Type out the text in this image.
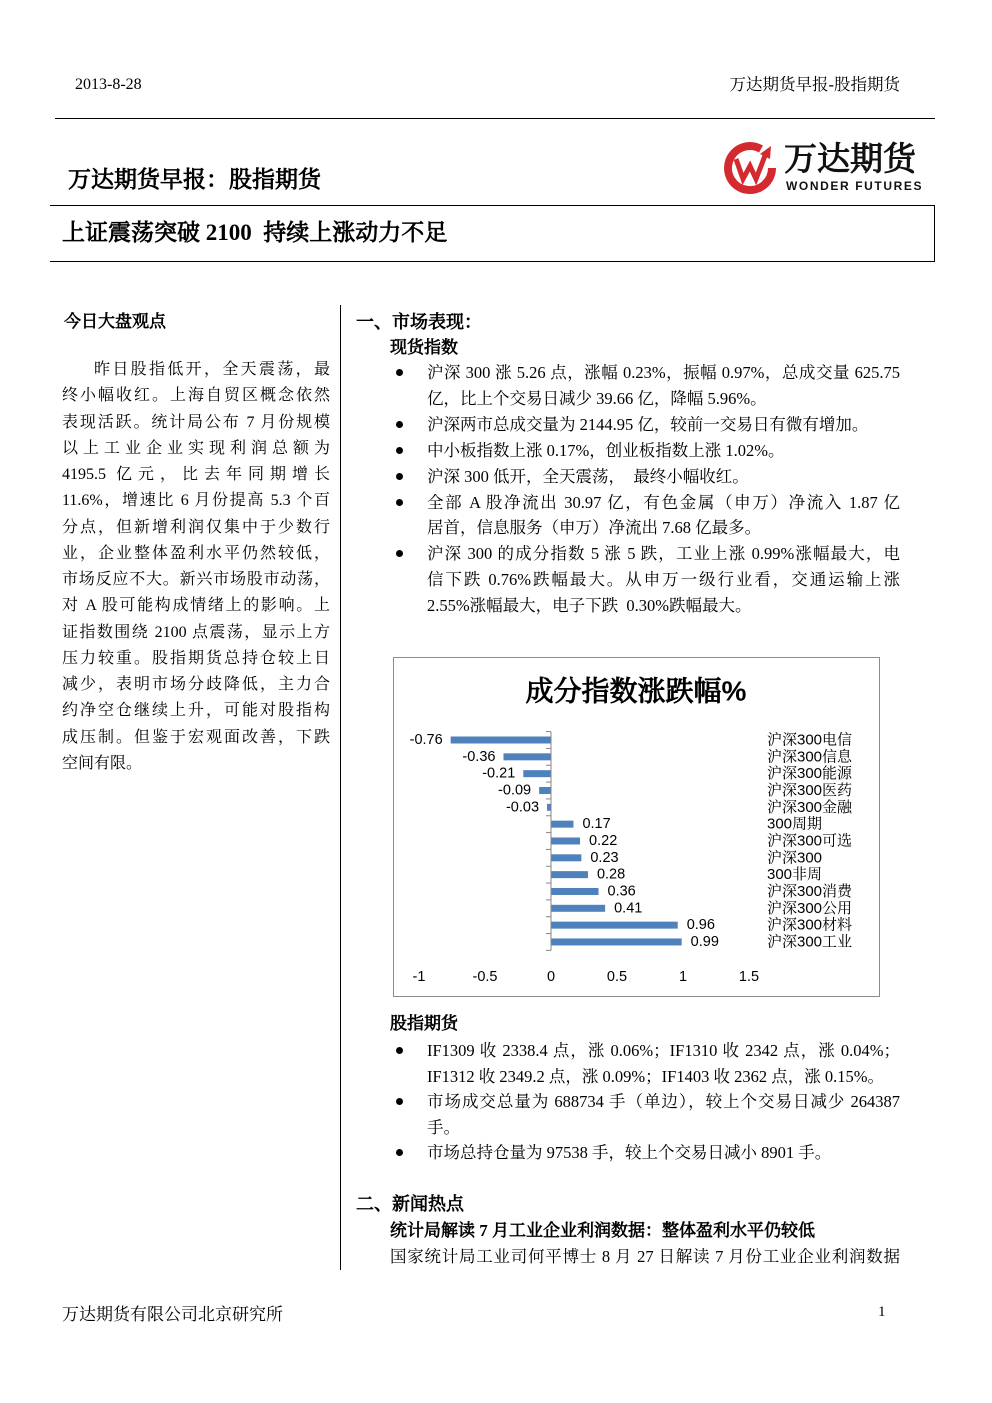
2013-8-28	万达期货早报-股指期货
万达期货早报：股指期货
万达期货
WONDER FUTURES
上证震荡突破 2100  持续上涨动力不足
今日大盘观点
昨日股指低开，全天震荡，最
终小幅收红。上海自贸区概念依然
表现活跃。统计局公布 7 月份规模
以上工业企业实现利润总额为
4195.5 亿元，比去年同期增长
11.6%，增速比 6 月份提高 5.3 个百
分点，但新增利润仅集中于少数行
业，企业整体盈利水平仍然较低，
市场反应不大。新兴市场股市动荡，
对 A 股可能构成情绪上的影响。上
证指数围绕 2100 点震荡，显示上方
压力较重。股指期货总持仓较上日
减少，表明市场分歧降低，主力合
约净空仓继续上升，可能对股指构
成压制。但鉴于宏观面改善，下跌
空间有限。
一、市场表现：
现货指数
沪深 300 涨 5.26 点，涨幅 0.23%，振幅 0.97%，总成交量 625.75
亿，比上个交易日减少 39.66 亿，降幅 5.96%。
沪深两市总成交量为 2144.95 亿，较前一交易日有微有增加。
中小板指数上涨 0.17%，创业板指数上涨 1.02%。
沪深 300 低开，全天震荡，  最终小幅收红。
全部 A 股净流出 30.97 亿，有色金属（申万）净流入 1.87 亿
居首，信息服务（申万）净流出 7.68 亿最多。
沪深 300 的成分指数 5 涨 5 跌，工业上涨 0.99%涨幅最大，电
信下跌 0.76%跌幅最大。从申万一级行业看，交通运输上涨
2.55%涨幅最大，电子下跌  0.30%跌幅最大。
成分指数涨跌幅%
-0.76	沪深300电信
-0.36	沪深300信息
-0.21	沪深300能源
-0.09	沪深300医药
-0.03	沪深300金融
0.17	300周期
0.22	沪深300可选
0.23	沪深300
0.28	300非周
0.36	沪深300消费
0.41	沪深300公用
0.96	沪深300材料
0.99	沪深300工业
-1	-0.5	0	0.5	1	1.5
股指期货
IF1309 收 2338.4 点，涨 0.06%；IF1310 收 2342 点，涨 0.04%；
IF1312 收 2349.2 点，涨 0.09%；IF1403 收 2362 点，涨 0.15%。
市场成交总量为 688734 手（单边），较上个交易日减少 264387
手。
市场总持仓量为 97538 手，较上个交易日减小 8901 手。
二、新闻热点
统计局解读 7 月工业企业利润数据：整体盈利水平仍较低
国家统计局工业司何平博士 8 月 27 日解读 7 月份工业企业利润数据
万达期货有限公司北京研究所	1
